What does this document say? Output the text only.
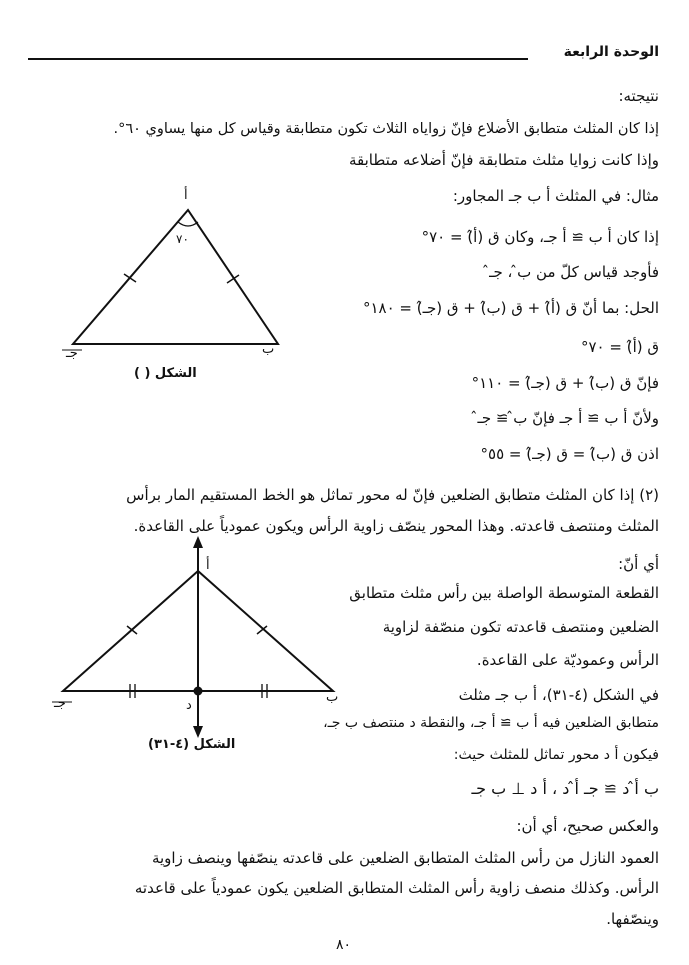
الوحدة الرابعة
نتيجته:
إذا كان المثلث متطابق الأضلاع فإنّ زواياه الثلاث تكون متطابقة وقياس كل منها يساوي ٦٠°.
وإذا كانت زوايا مثلث متطابقة فإنّ أضلاعه متطابقة
مثال: في المثلث أ ب جـ المجاور:
إذا كان أ ب ≅ أ جـ، وكان ق (أ̂) = ٧٠°
فأوجد قياس كلّ من ب̂ ، جـ̂
الحل: بما أنّ ق (أ̂) + ق (ب̂) + ق (جـ̂) = ١٨٠°
ق (أ̂) = ٧٠°
فإنّ ق (ب̂) + ق (جـ̂) = ١١٠°
ولأنّ أ ب ≅ أ جـ فإنّ ب̂ ≅ جـ̂
اذن ق (ب̂) = ق (جـ̂) = ٥٥°
أ
٧٠
جـ	ب
الشكل ( )
(٢) إذا كان المثلث متطابق الضلعين فإنّ له محور تماثل هو الخط المستقيم المار برأس
المثلث ومنتصف قاعدته. وهذا المحور ينصّف زاوية الرأس ويكون عمودياً على القاعدة.
أي أنّ:
القطعة المتوسطة الواصلة بين رأس مثلث متطابق
الضلعين ومنتصف قاعدته تكون منصّفة لزاوية
الرأس وعموديّة على القاعدة.
في الشكل (٤-٣١)، أ ب جـ مثلث
متطابق الضلعين فيه أ ب ≅ أ جـ، والنقطة د منتصف ب جـ،
فيكون أ د محور تماثل للمثلث حيث:
ب أ̂ د ≅ جـ أ̂ د ، أ د ⊥ ب جـ
والعكس صحيح، أي أن:
أ
جـ	ب
د
الشكل (٤-٣١)
العمود النازل من رأس المثلث المتطابق الضلعين على قاعدته ينصّفها وينصف زاوية
الرأس. وكذلك منصف زاوية رأس المثلث المتطابق الضلعين يكون عمودياً على قاعدته
وينصّفها.
٨٠
